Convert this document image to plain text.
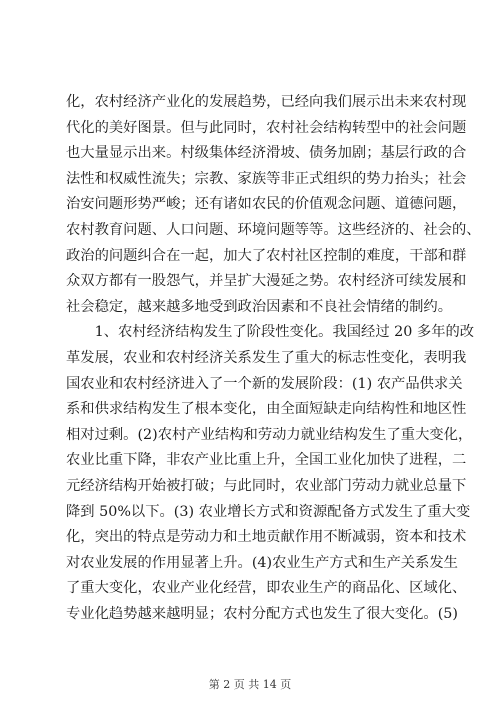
化，农村经济产业化的发展趋势，已经向我们展示出未来农村现
代化的美好图景。但与此同时，农村社会结构转型中的社会问题
也大量显示出来。村级集体经济滑坡、债务加剧；基层行政的合
法性和权威性流失；宗教、家族等非正式组织的势力抬头；社会
治安问题形势严峻；还有诸如农民的价值观念问题、道德问题，
农村教育问题、人口问题、环境问题等等。这些经济的、社会的、
政治的问题纠合在一起，加大了农村社区控制的难度，干部和群
众双方都有一股怨气，并呈扩大漫延之势。农村经济可续发展和
社会稳定，越来越多地受到政治因素和不良社会情绪的制约。
　　1、农村经济结构发生了阶段性变化。我国经过 20 多年的改
革发展，农业和农村经济关系发生了重大的标志性变化，表明我
国农业和农村经济进入了一个新的发展阶段：(1) 农产品供求关
系和供求结构发生了根本变化，由全面短缺走向结构性和地区性
相对过剩。(2)农村产业结构和劳动力就业结构发生了重大变化，
农业比重下降，非农产业比重上升，全国工业化加快了进程，二
元经济结构开始被打破；与此同时，农业部门劳动力就业总量下
降到 50%以下。(3) 农业增长方式和资源配备方式发生了重大变
化，突出的特点是劳动力和土地贡献作用不断减弱，资本和技术
对农业发展的作用显著上升。(4)农业生产方式和生产关系发生
了重大变化，农业产业化经营，即农业生产的商品化、区域化、
专业化趋势越来越明显；农村分配方式也发生了很大变化。(5)
第 2 页 共 14 页
